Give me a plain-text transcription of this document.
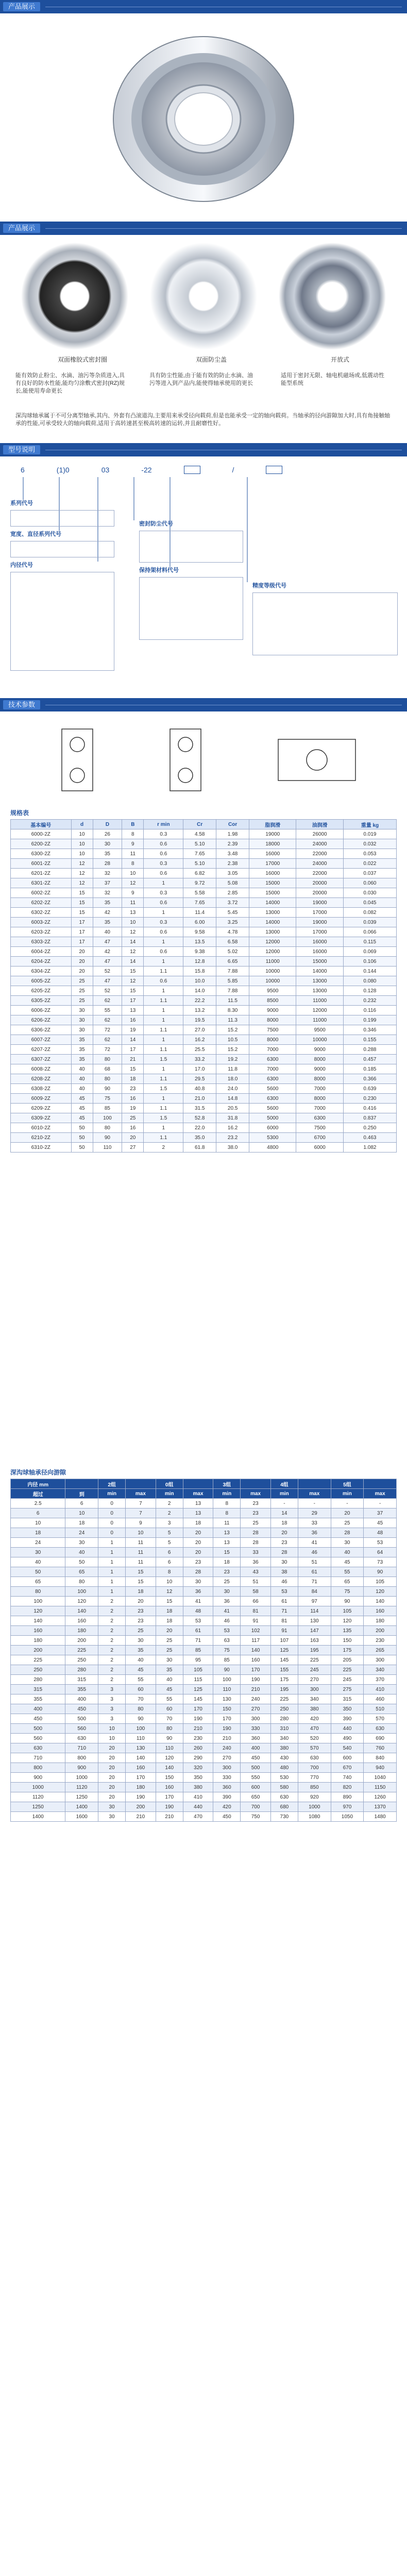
产品展示
产品展示
双面橡胶式密封圈	双面防尘盖	开放式
能有效防止粉尘、水滴、油污等杂质进入,具有良好的防水性能,能均匀涂敷式密封(RZ)规长,能使用寿命更长
具有防尘性能,由于能有效的防止水滴、油污等进入到产品内,能使得轴承使用的更长
适用于密封无限、轴电机磁场或,低震动性能型系统
深沟球轴承属于不可分离型轴承,其内、外套有凸滚道沟,主要用来承受径向载荷,但是也能承受一定的轴向载荷。当轴承的径向游隙加大时,具有角接触轴承的性能,可承受较大的轴向载荷,适用于高转速甚至极高转速的运转,并且耐磨性好。
型号说明
6	(1)0	03	-22	/
系列代号
宽度、直径系列代号
内径代号
密封防尘代号
保持架材料代号
精度等级代号
技术参数
规格表
基本编号	d	D	B	r min	Cr	Cor	脂润滑	油润滑	重量 kg
6000-2Z	10	26	8	0.3	4.58	1.98	19000	26000	0.019
6200-2Z	10	30	9	0.6	5.10	2.39	18000	24000	0.032
6300-2Z	10	35	11	0.6	7.65	3.48	16000	22000	0.053
6001-2Z	12	28	8	0.3	5.10	2.38	17000	24000	0.022
6201-2Z	12	32	10	0.6	6.82	3.05	16000	22000	0.037
6301-2Z	12	37	12	1	9.72	5.08	15000	20000	0.060
6002-2Z	15	32	9	0.3	5.58	2.85	15000	20000	0.030
6202-2Z	15	35	11	0.6	7.65	3.72	14000	19000	0.045
6302-2Z	15	42	13	1	11.4	5.45	13000	17000	0.082
6003-2Z	17	35	10	0.3	6.00	3.25	14000	19000	0.039
6203-2Z	17	40	12	0.6	9.58	4.78	13000	17000	0.066
6303-2Z	17	47	14	1	13.5	6.58	12000	16000	0.115
6004-2Z	20	42	12	0.6	9.38	5.02	12000	16000	0.069
6204-2Z	20	47	14	1	12.8	6.65	11000	15000	0.106
6304-2Z	20	52	15	1.1	15.8	7.88	10000	14000	0.144
6005-2Z	25	47	12	0.6	10.0	5.85	10000	13000	0.080
6205-2Z	25	52	15	1	14.0	7.88	9500	13000	0.128
6305-2Z	25	62	17	1.1	22.2	11.5	8500	11000	0.232
6006-2Z	30	55	13	1	13.2	8.30	9000	12000	0.116
6206-2Z	30	62	16	1	19.5	11.3	8000	11000	0.199
6306-2Z	30	72	19	1.1	27.0	15.2	7500	9500	0.346
6007-2Z	35	62	14	1	16.2	10.5	8000	10000	0.155
6207-2Z	35	72	17	1.1	25.5	15.2	7000	9000	0.288
6307-2Z	35	80	21	1.5	33.2	19.2	6300	8000	0.457
6008-2Z	40	68	15	1	17.0	11.8	7000	9000	0.185
6208-2Z	40	80	18	1.1	29.5	18.0	6300	8000	0.366
6308-2Z	40	90	23	1.5	40.8	24.0	5600	7000	0.639
6009-2Z	45	75	16	1	21.0	14.8	6300	8000	0.230
6209-2Z	45	85	19	1.1	31.5	20.5	5600	7000	0.416
6309-2Z	45	100	25	1.5	52.8	31.8	5000	6300	0.837
6010-2Z	50	80	16	1	22.0	16.2	6000	7500	0.250
6210-2Z	50	90	20	1.1	35.0	23.2	5300	6700	0.463
6310-2Z	50	110	27	2	61.8	38.0	4800	6000	1.082
深沟球轴承径向游隙
内径 mm		2组		0组		3组		4组		5组	
超过	到	min	max	min	max	min	max	min	max	min	max
2.5	6	0	7	2	13	8	23	-	-	-	-
6	10	0	7	2	13	8	23	14	29	20	37
10	18	0	9	3	18	11	25	18	33	25	45
18	24	0	10	5	20	13	28	20	36	28	48
24	30	1	11	5	20	13	28	23	41	30	53
30	40	1	11	6	20	15	33	28	46	40	64
40	50	1	11	6	23	18	36	30	51	45	73
50	65	1	15	8	28	23	43	38	61	55	90
65	80	1	15	10	30	25	51	46	71	65	105
80	100	1	18	12	36	30	58	53	84	75	120
100	120	2	20	15	41	36	66	61	97	90	140
120	140	2	23	18	48	41	81	71	114	105	160
140	160	2	23	18	53	46	91	81	130	120	180
160	180	2	25	20	61	53	102	91	147	135	200
180	200	2	30	25	71	63	117	107	163	150	230
200	225	2	35	25	85	75	140	125	195	175	265
225	250	2	40	30	95	85	160	145	225	205	300
250	280	2	45	35	105	90	170	155	245	225	340
280	315	2	55	40	115	100	190	175	270	245	370
315	355	3	60	45	125	110	210	195	300	275	410
355	400	3	70	55	145	130	240	225	340	315	460
400	450	3	80	60	170	150	270	250	380	350	510
450	500	3	90	70	190	170	300	280	420	390	570
500	560	10	100	80	210	190	330	310	470	440	630
560	630	10	110	90	230	210	360	340	520	490	690
630	710	20	130	110	260	240	400	380	570	540	760
710	800	20	140	120	290	270	450	430	630	600	840
800	900	20	160	140	320	300	500	480	700	670	940
900	1000	20	170	150	350	330	550	530	770	740	1040
1000	1120	20	180	160	380	360	600	580	850	820	1150
1120	1250	20	190	170	410	390	650	630	920	890	1260
1250	1400	30	200	190	440	420	700	680	1000	970	1370
1400	1600	30	210	210	470	450	750	730	1080	1050	1480
